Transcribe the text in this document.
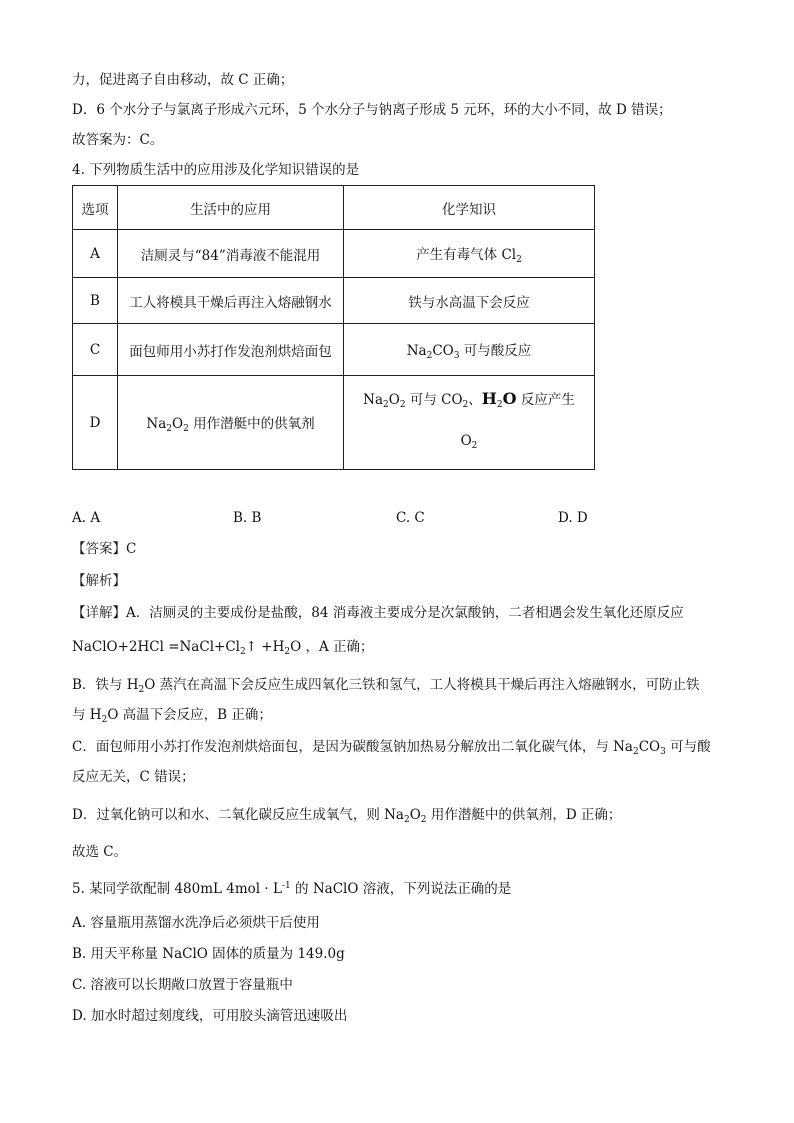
力，促进离子自由移动，故 C 正确；
D．6 个水分子与氯离子形成六元环，5 个水分子与钠离子形成 5 元环，环的大小不同，故 D 错误；
故答案为：C。
4. 下列物质生活中的应用涉及化学知识错误的是
选项	生活中的应用	化学知识
A	洁厕灵与“84”消毒液不能混用	产生有毒气体 $Cl_2$
B	工人将模具干燥后再注入熔融钢水	铁与水高温下会反应
C	面包师用小苏打作发泡剂烘焙面包	$Na_2CO_3$ 可与酸反应
D	$Na_2O_2$ 用作潜艇中的供氧剂	$Na_2O_2$ 可与 $CO_2$、$H_2O$ 反应产生
$O_2$
A. A	B. B	C. C	D. D
【答案】C
【解析】
【详解】A．洁厕灵的主要成份是盐酸，84 消毒液主要成分是次氯酸钠，二者相遇会发生氧化还原反应
NaClO+2HCl $=NaCl+Cl_2↑ +H_2O$ ，A 正确；
B．铁与 $H_2O$ 蒸汽在高温下会反应生成四氧化三铁和氢气，工人将模具干燥后再注入熔融钢水，可防止铁
与 $H_2O$ 高温下会反应，B 正确；
C．面包师用小苏打作发泡剂烘焙面包，是因为碳酸氢钠加热易分解放出二氧化碳气体，与 $Na_2CO_3$ 可与酸
反应无关，C 错误；
D．过氧化钠可以和水、二氧化碳反应生成氧气，则 $Na_2O_2$ 用作潜艇中的供氧剂，D 正确；
故选 C。
5. 某同学欲配制 480mL $4mol \cdot L^{-1}$ 的 NaClO 溶液，下列说法正确的是
A. 容量瓶用蒸馏水洗净后必须烘干后使用
B. 用天平称量 NaClO 固体的质量为 149.0g
C. 溶液可以长期敞口放置于容量瓶中
D. 加水时超过刻度线，可用胶头滴管迅速吸出
